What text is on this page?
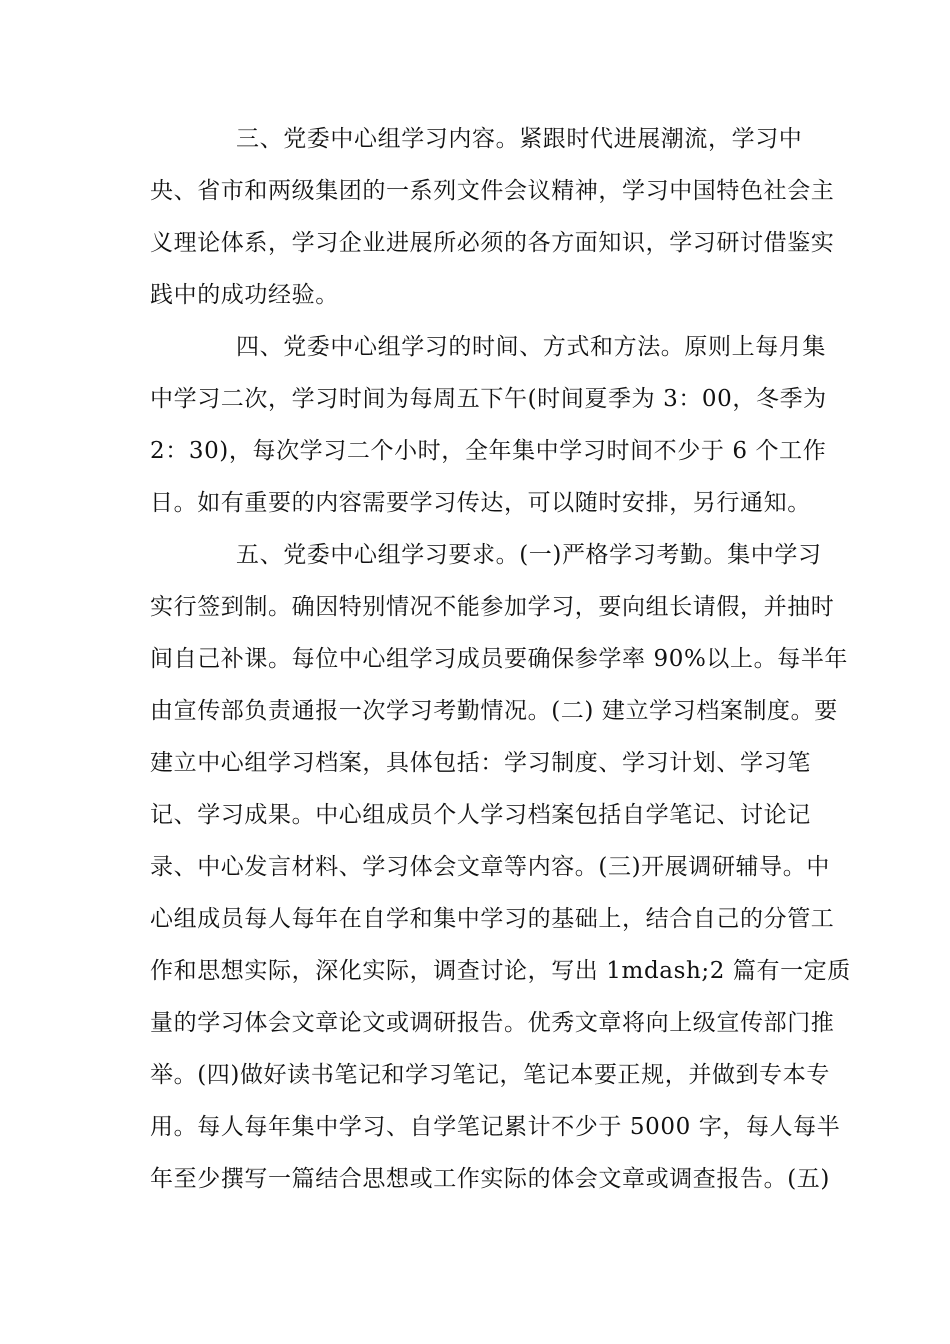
三、党委中心组学习内容。紧跟时代进展潮流，学习中
央、省市和两级集团的一系列文件会议精神，学习中国特色社会主
义理论体系，学习企业进展所必须的各方面知识，学习研讨借鉴实
践中的成功经验。
四、党委中心组学习的时间、方式和方法。原则上每月集
中学习二次，学习时间为每周五下午(时间夏季为 3：00，冬季为
2：30)，每次学习二个小时，全年集中学习时间不少于 6 个工作
日。如有重要的内容需要学习传达，可以随时安排，另行通知。
五、党委中心组学习要求。(一)严格学习考勤。集中学习
实行签到制。确因特别情况不能参加学习，要向组长请假，并抽时
间自己补课。每位中心组学习成员要确保参学率 90%以上。每半年
由宣传部负责通报一次学习考勤情况。(二) 建立学习档案制度。要
建立中心组学习档案，具体包括：学习制度、学习计划、学习笔
记、学习成果。中心组成员个人学习档案包括自学笔记、讨论记
录、中心发言材料、学习体会文章等内容。(三)开展调研辅导。中
心组成员每人每年在自学和集中学习的基础上，结合自己的分管工
作和思想实际，深化实际，调查讨论，写出 1mdash;2 篇有一定质
量的学习体会文章论文或调研报告。优秀文章将向上级宣传部门推
举。(四)做好读书笔记和学习笔记，笔记本要正规，并做到专本专
用。每人每年集中学习、自学笔记累计不少于 5000 字，每人每半
年至少撰写一篇结合思想或工作实际的体会文章或调查报告。(五)
